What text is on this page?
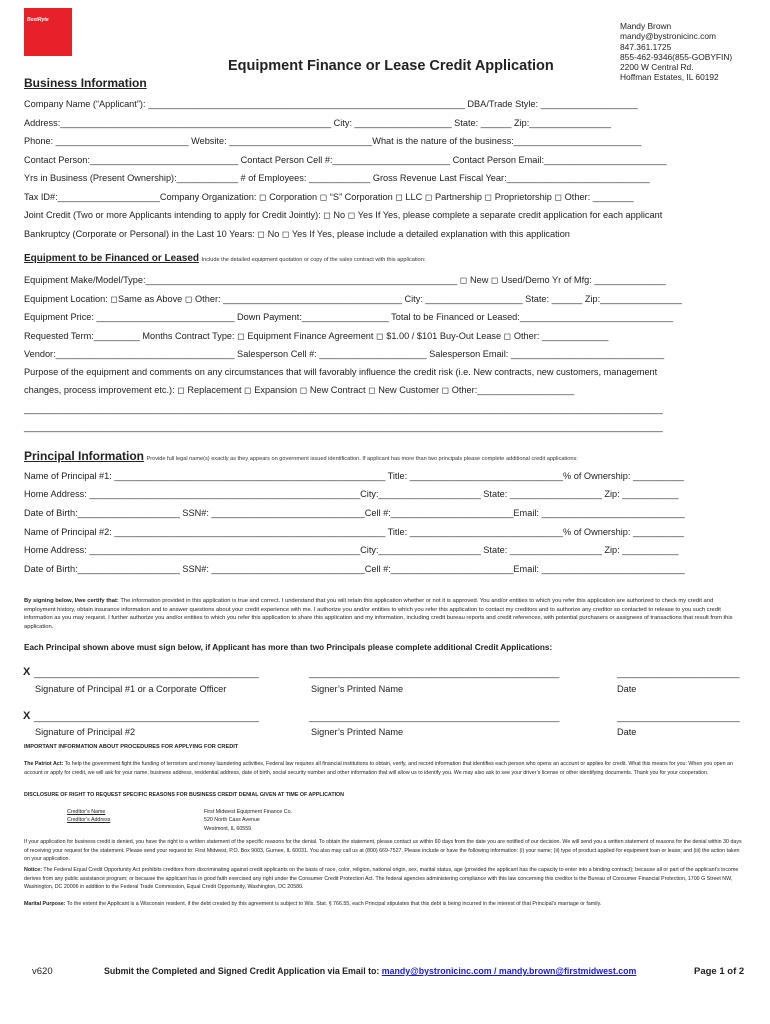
BestRyte
Mandy Brown
mandy@bystronicinc.com
847.361.1725
855-462-9346(855-GOBYFIN)
2200 W Central Rd.
Hoffman Estates, IL 60192
Equipment Finance or Lease Credit Application
Business Information
Company Name (“Applicant”): ______________________________________________________________ DBA/Trade Style: ___________________
Address:_____________________________________________________ City: ___________________ State: ______ Zip:________________
Phone: __________________________ Website: ____________________________What is the nature of the business:_________________________
Contact Person:_____________________________ Contact Person Cell #:_______________________ Contact Person Email:________________________
Yrs in Business (Present Ownership):____________ # of Employees: ____________ Gross Revenue Last Fiscal Year:____________________________
Tax ID#:____________________Company Organization: ◻ Corporation ◻ “S” Corporation ◻ LLC ◻ Partnership ◻ Proprietorship ◻ Other: ________
Joint Credit (Two or more Applicants intending to apply for Credit Jointly): ◻ No ◻ Yes If Yes, please complete a separate credit application for each applicant
Bankruptcy (Corporate or Personal) in the Last 10 Years: ◻ No ◻ Yes If Yes, please include a detailed explanation with this application
Equipment to be Financed or Leased Include the detailed equipment quotation or copy of the sales contract with this application:
Equipment Make/Model/Type:_____________________________________________________________ ◻ New ◻ Used/Demo Yr of Mfg: ______________
Equipment Location: ◻Same as Above ◻ Other: ___________________________________ City: ___________________ State: ______ Zip:________________
Equipment Price: ___________________________ Down Payment:_________________ Total to be Financed or Leased:______________________________
Requested Term:_________ Months Contract Type: ◻ Equipment Finance Agreement ◻ $1.00 / $101 Buy-Out Lease ◻ Other: _____________
Vendor:___________________________________ Salesperson Cell #: _____________________ Salesperson Email: ______________________________
Purpose of the equipment and comments on any circumstances that will favorably influence the credit risk (i.e. New contracts, new customers, management
changes, process improvement etc.): ◻ Replacement ◻ Expansion ◻ New Contract ◻ New Customer ◻ Other:___________________
_____________________________________________________________________________________________________________________________
_____________________________________________________________________________________________________________________________
Principal Information Provide full legal name(s) exactly as they appears on government issued identification. If applicant has more than two principals please complete additional credit applications:
Name of Principal #1: _____________________________________________________ Title: ______________________________% of Ownership: __________
Home Address: _____________________________________________________City:____________________ State: __________________ Zip: ___________
Date of Birth:____________________ SSN#: ______________________________Cell #:________________________Email: ____________________________
Name of Principal #2: _____________________________________________________ Title: ______________________________% of Ownership: __________
Home Address: _____________________________________________________City:____________________ State: __________________ Zip: ___________
Date of Birth:____________________ SSN#: ______________________________Cell #:________________________Email: ____________________________
By signing below, I/we certify that: The information provided in this application is true and correct. I understand that you will retain this application whether or not it is approved. You and/or entities to which you refer this application are authorized to check my credit and employment history, obtain insurance information and to answer questions about your credit experience with me. I authorize you and/or entities to which you refer this application to contact my creditors and to authorize any creditor so contacted to release to you such credit information as you may request. I further authorize you and/or entities to which you refer this application to share this application and my information, including credit bureau reports and credit references, with potential purchasers or assignees of transactions that result from this application.
Each Principal shown above must sign below, if Applicant has more than two Principals please complete additional Credit Applications:
X ____________________________________________	_________________________________________________	________________________
Signature of Principal #1 or a Corporate Officer	Signer’s Printed Name	Date
X ____________________________________________	_________________________________________________	________________________
Signature of Principal #2	Signer’s Printed Name	Date
IMPORTANT INFORMATION ABOUT PROCEDURES FOR APPLYING FOR CREDIT
The Patriot Act: To help the government fight the funding of terrorism and money laundering activities, Federal law requires all financial institutions to obtain, verify, and record information that identifies each person who opens an account or applies for credit. What this means for you: When you open an account or apply for credit, we will ask for your name, business address, residential address, date of birth, social security number and other information that will allow us to identify you. We may also ask to see your driver’s license or other identifying documents. Thank you for your cooperation.
DISCLOSURE OF RIGHT TO REQUEST SPECIFIC REASONS FOR BUSINESS CREDIT DENIAL GIVEN AT TIME OF APPLICATION
Creditor’s Name
Creditor’s Address
First Midwest Equipment Finance Co.
520 North Cass Avenue
Westmont, IL 60559
If your application for business credit is denied, you have the right to a written statement of the specific reasons for the denial. To obtain the statement, please contact us within 60 days from the date you are notified of our decision. We will send you a written statement of reasons for the denial within 30 days of receiving your request for the statement. Please send your request to: First Midwest, P.O. Box 9003, Gurnee, IL 60031. You also may call us at (800) 669-7527. Please include or have the following information: (i) your name; (ii) type of product applied for equipment loan or lease; and (iii) the action taken on your application.
Notice: The Federal Equal Credit Opportunity Act prohibits creditors from discriminating against credit applicants on the basis of race, color, religion, national origin, sex, marital status, age (provided the applicant has the capacity to enter into a binding contract); because all or part of the applicant's income derives from any public assistance program; or because the applicant has in good faith exercised any right under the Consumer Credit Protection Act. The federal agencies administering compliance with this law concerning this creditor is the Bureau of Consumer Financial Protection, 1700 G Street NW, Washington, DC 20006 in addition to the Federal Trade Commission, Equal Credit Opportunity, Washington, DC 20580.
Marital Purpose: To the extent the Applicant is a Wisconsin resident, if the debt created by this agreement is subject to Wis. Stat. § 766.55, each Principal stipulates that this debt is being incurred in the interest of that Principal's marriage or family.
v620	Submit the Completed and Signed Credit Application via Email to: mandy@bystronicinc.com / mandy.brown@firstmidwest.com	Page 1 of 2
